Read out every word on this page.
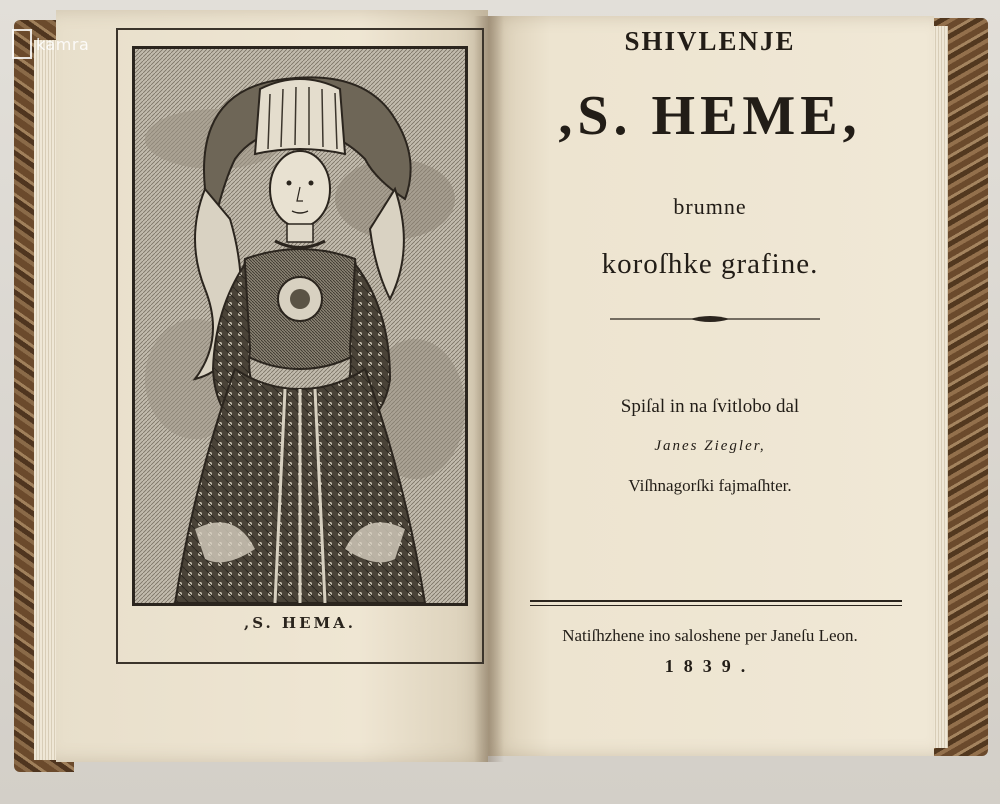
kamra
,S. HEMA.
SHIVLENJE
,S. HEME,
brumne
koroſhke grafine.
Spiſal in na ſvitlobo dal
Janes Ziegler,
Viſhnagorſki fajmaſhter.
Natiſhzhene ino saloshene per Janeſu Leon.
1839.
